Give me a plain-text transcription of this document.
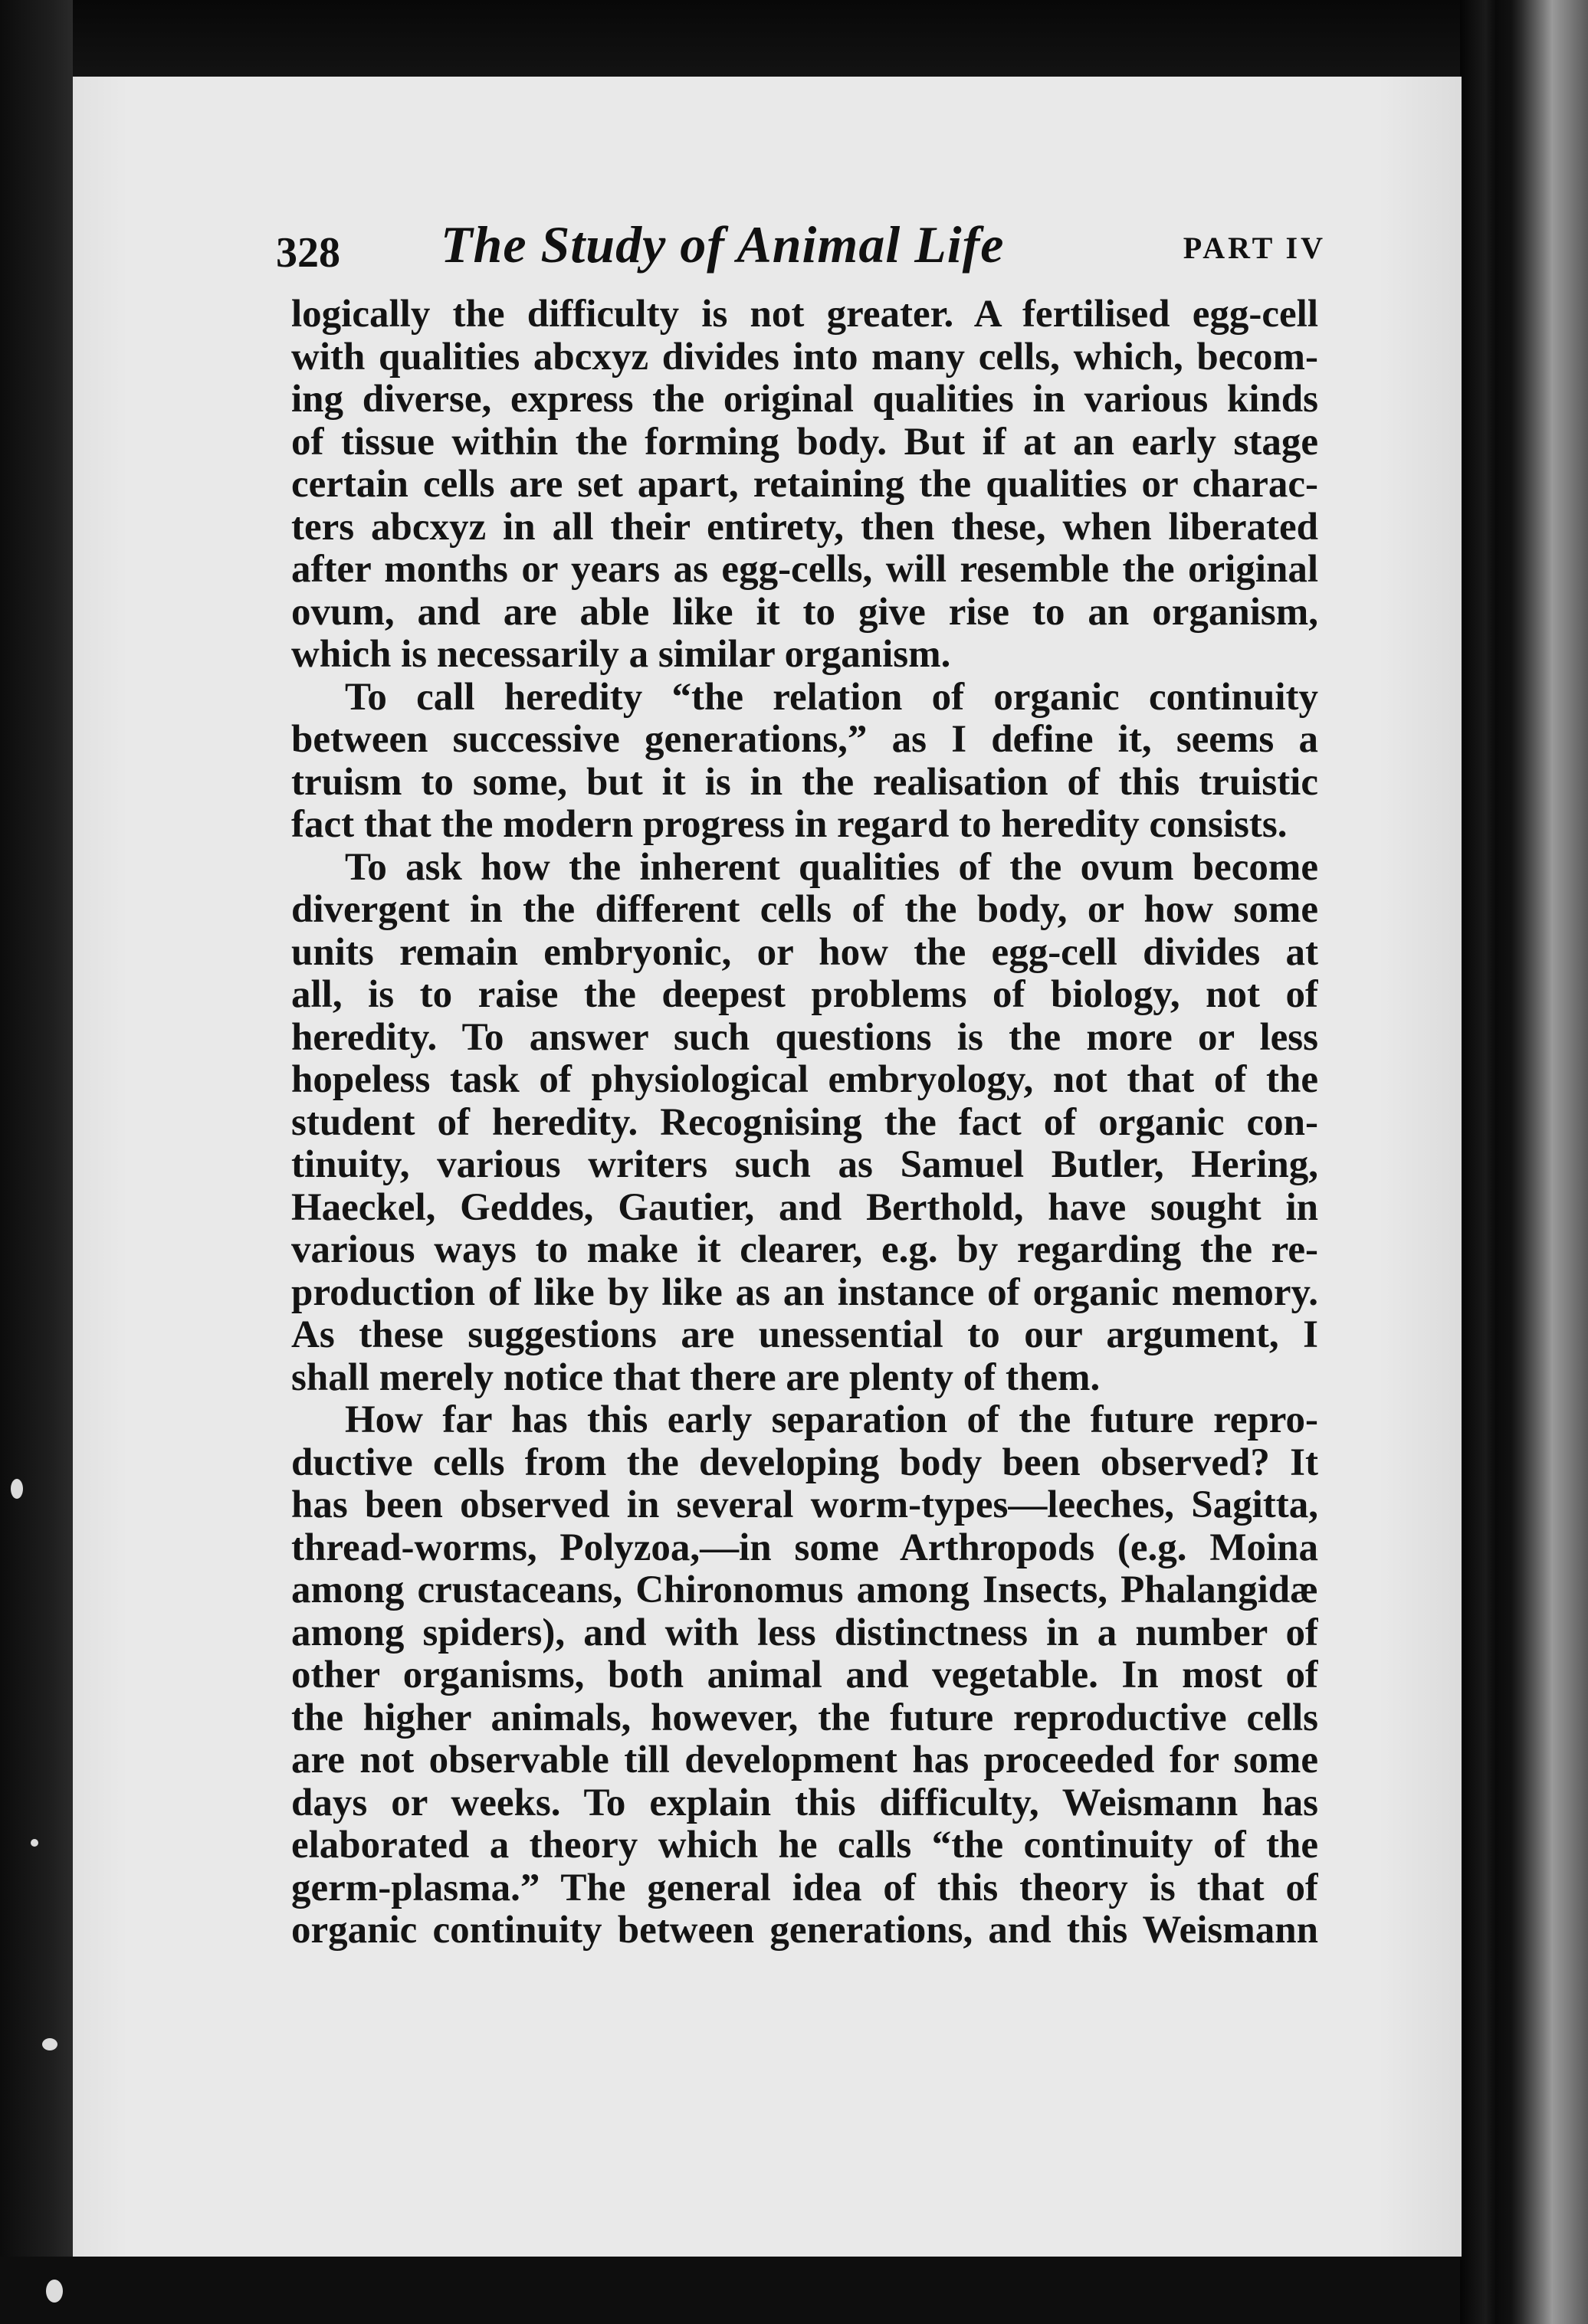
328 The Study of Animal Life	PART IV
logically the difficulty is not greater. A fertilised egg-cell
with qualities abcxyz divides into many cells, which, becom-
ing diverse, express the original qualities in various kinds
of tissue within the forming body. But if at an early stage
certain cells are set apart, retaining the qualities or charac-
ters abcxyz in all their entirety, then these, when liberated
after months or years as egg-cells, will resemble the original
ovum, and are able like it to give rise to an organism,
which is necessarily a similar organism.
To call heredity “the relation of organic continuity
between successive generations,” as I define it, seems a
truism to some, but it is in the realisation of this truistic
fact that the modern progress in regard to heredity consists.
To ask how the inherent qualities of the ovum become
divergent in the different cells of the body, or how some
units remain embryonic, or how the egg-cell divides at
all, is to raise the deepest problems of biology, not of
heredity. To answer such questions is the more or less
hopeless task of physiological embryology, not that of the
student of heredity. Recognising the fact of organic con-
tinuity, various writers such as Samuel Butler, Hering,
Haeckel, Geddes, Gautier, and Berthold, have sought in
various ways to make it clearer, e.g. by regarding the re-
production of like by like as an instance of organic memory.
As these suggestions are unessential to our argument, I
shall merely notice that there are plenty of them.
How far has this early separation of the future repro-
ductive cells from the developing body been observed? It
has been observed in several worm-types—leeches, Sagitta,
thread-worms, Polyzoa,—in some Arthropods (e.g. Moina
among crustaceans, Chironomus among Insects, Phalangidæ
among spiders), and with less distinctness in a number of
other organisms, both animal and vegetable. In most of
the higher animals, however, the future reproductive cells
are not observable till development has proceeded for some
days or weeks. To explain this difficulty, Weismann has
elaborated a theory which he calls “the continuity of the
germ-plasma.” The general idea of this theory is that of
organic continuity between generations, and this Weismann
